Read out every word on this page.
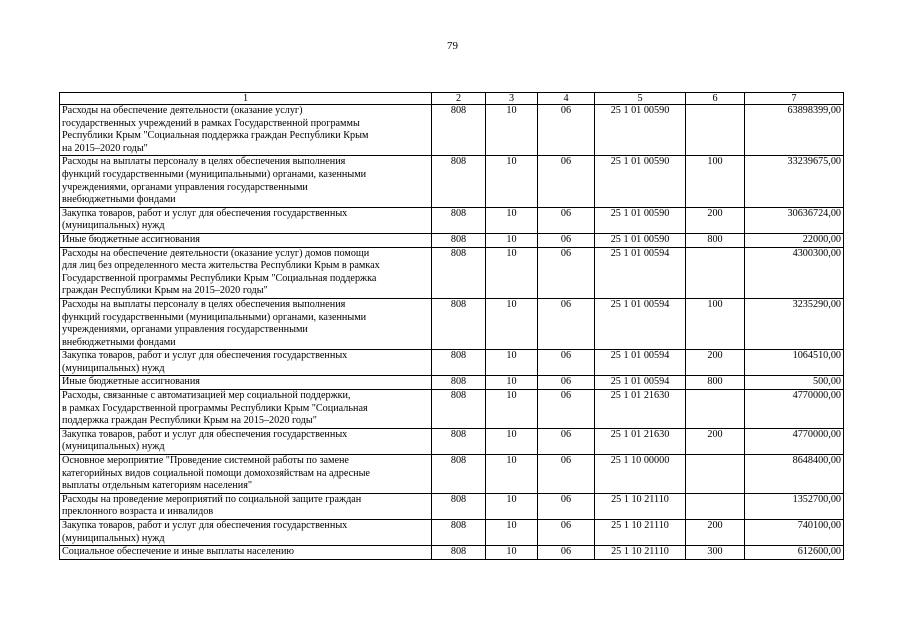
79
1	2	3	4	5	6	7

Расходы на обеспечение деятельности (оказание услуг)
государственных учреждений в рамках Государственной программы
Республики Крым "Социальная поддержка граждан Республики Крым
на 2015–2020 годы"	808	10	06	25 1 01 00590		63898399,00

Расходы на выплаты персоналу в целях обеспечения выполнения
функций государственными (муниципальными) органами, казенными
учреждениями, органами управления государственными
внебюджетными фондами	808	10	06	25 1 01 00590	100	33239675,00

Закупка товаров, работ и услуг для обеспечения государственных
(муниципальных) нужд	808	10	06	25 1 01 00590	200	30636724,00

Иные бюджетные ассигнования	808	10	06	25 1 01 00590	800	22000,00

Расходы на обеспечение деятельности (оказание услуг) домов помощи
для лиц без определенного места жительства Республики Крым в рамках
Государственной программы Республики Крым "Социальная поддержка
граждан Республики Крым на 2015–2020 годы"	808	10	06	25 1 01 00594		4300300,00

Расходы на выплаты персоналу в целях обеспечения выполнения
функций государственными (муниципальными) органами, казенными
учреждениями, органами управления государственными
внебюджетными фондами	808	10	06	25 1 01 00594	100	3235290,00

Закупка товаров, работ и услуг для обеспечения государственных
(муниципальных) нужд	808	10	06	25 1 01 00594	200	1064510,00

Иные бюджетные ассигнования	808	10	06	25 1 01 00594	800	500,00

Расходы, связанные с автоматизацией мер социальной поддержки,
в рамках Государственной программы Республики Крым "Социальная
поддержка граждан Республики Крым на 2015–2020 годы"	808	10	06	25 1 01 21630		4770000,00

Закупка товаров, работ и услуг для обеспечения государственных
(муниципальных) нужд	808	10	06	25 1 01 21630	200	4770000,00

Основное мероприятие "Проведение системной работы по замене
категорийных видов социальной помощи домохозяйствам на адресные
выплаты отдельным категориям населения"	808	10	06	25 1 10 00000		8648400,00

Расходы на проведение мероприятий по социальной защите граждан
преклонного возраста и инвалидов	808	10	06	25 1 10 21110		1352700,00

Закупка товаров, работ и услуг для обеспечения государственных
(муниципальных) нужд	808	10	06	25 1 10 21110	200	740100,00

Социальное обеспечение и иные выплаты населению	808	10	06	25 1 10 21110	300	612600,00
